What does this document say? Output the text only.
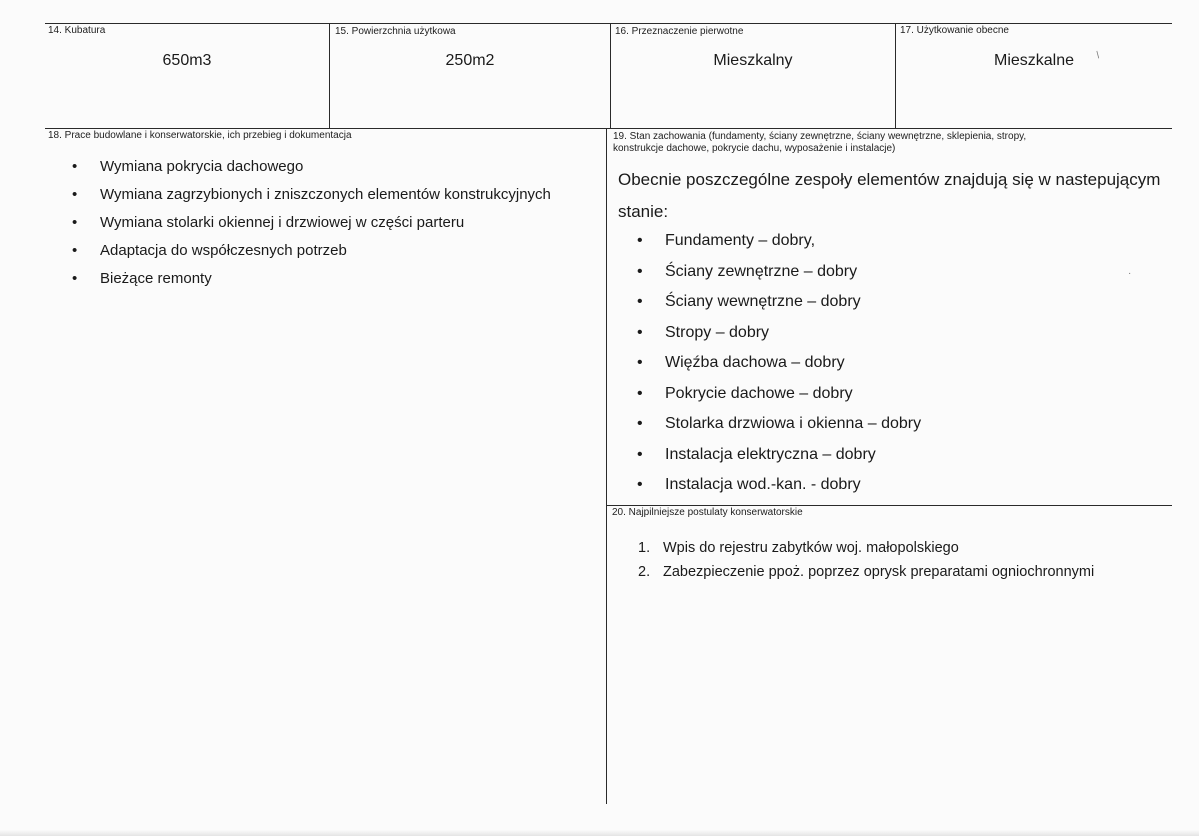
14. Kubatura
650m3
15. Powierzchnia użytkowa
250m2
16. Przeznaczenie pierwotne
Mieszkalny
17. Użytkowanie obecne
Mieszkalne
18. Prace budowlane i konserwatorskie, ich przebieg i dokumentacja
• Wymiana pokrycia dachowego
• Wymiana zagrzybionych i zniszczonych elementów konstrukcyjnych
• Wymiana stolarki okiennej i drzwiowej w części parteru
• Adaptacja do współczesnych potrzeb
• Bieżące remonty
19. Stan zachowania (fundamenty, ściany zewnętrzne, ściany wewnętrzne, sklepienia, stropy,
konstrukcje dachowe, pokrycie dachu, wyposażenie i instalacje)
Obecnie poszczególne zespoły elementów znajdują się w nastepującym
stanie:
• Fundamenty – dobry,
• Ściany zewnętrzne – dobry
• Ściany wewnętrzne – dobry
• Stropy – dobry
• Więźba dachowa – dobry
• Pokrycie dachowe – dobry
• Stolarka drzwiowa i okienna – dobry
• Instalacja elektryczna – dobry
• Instalacja wod.-kan. - dobry
20. Najpilniejsze postulaty konserwatorskie
1. Wpis do rejestru zabytków woj. małopolskiego
2. Zabezpieczenie ppoż. poprzez oprysk preparatami ogniochronnymi
/
·
